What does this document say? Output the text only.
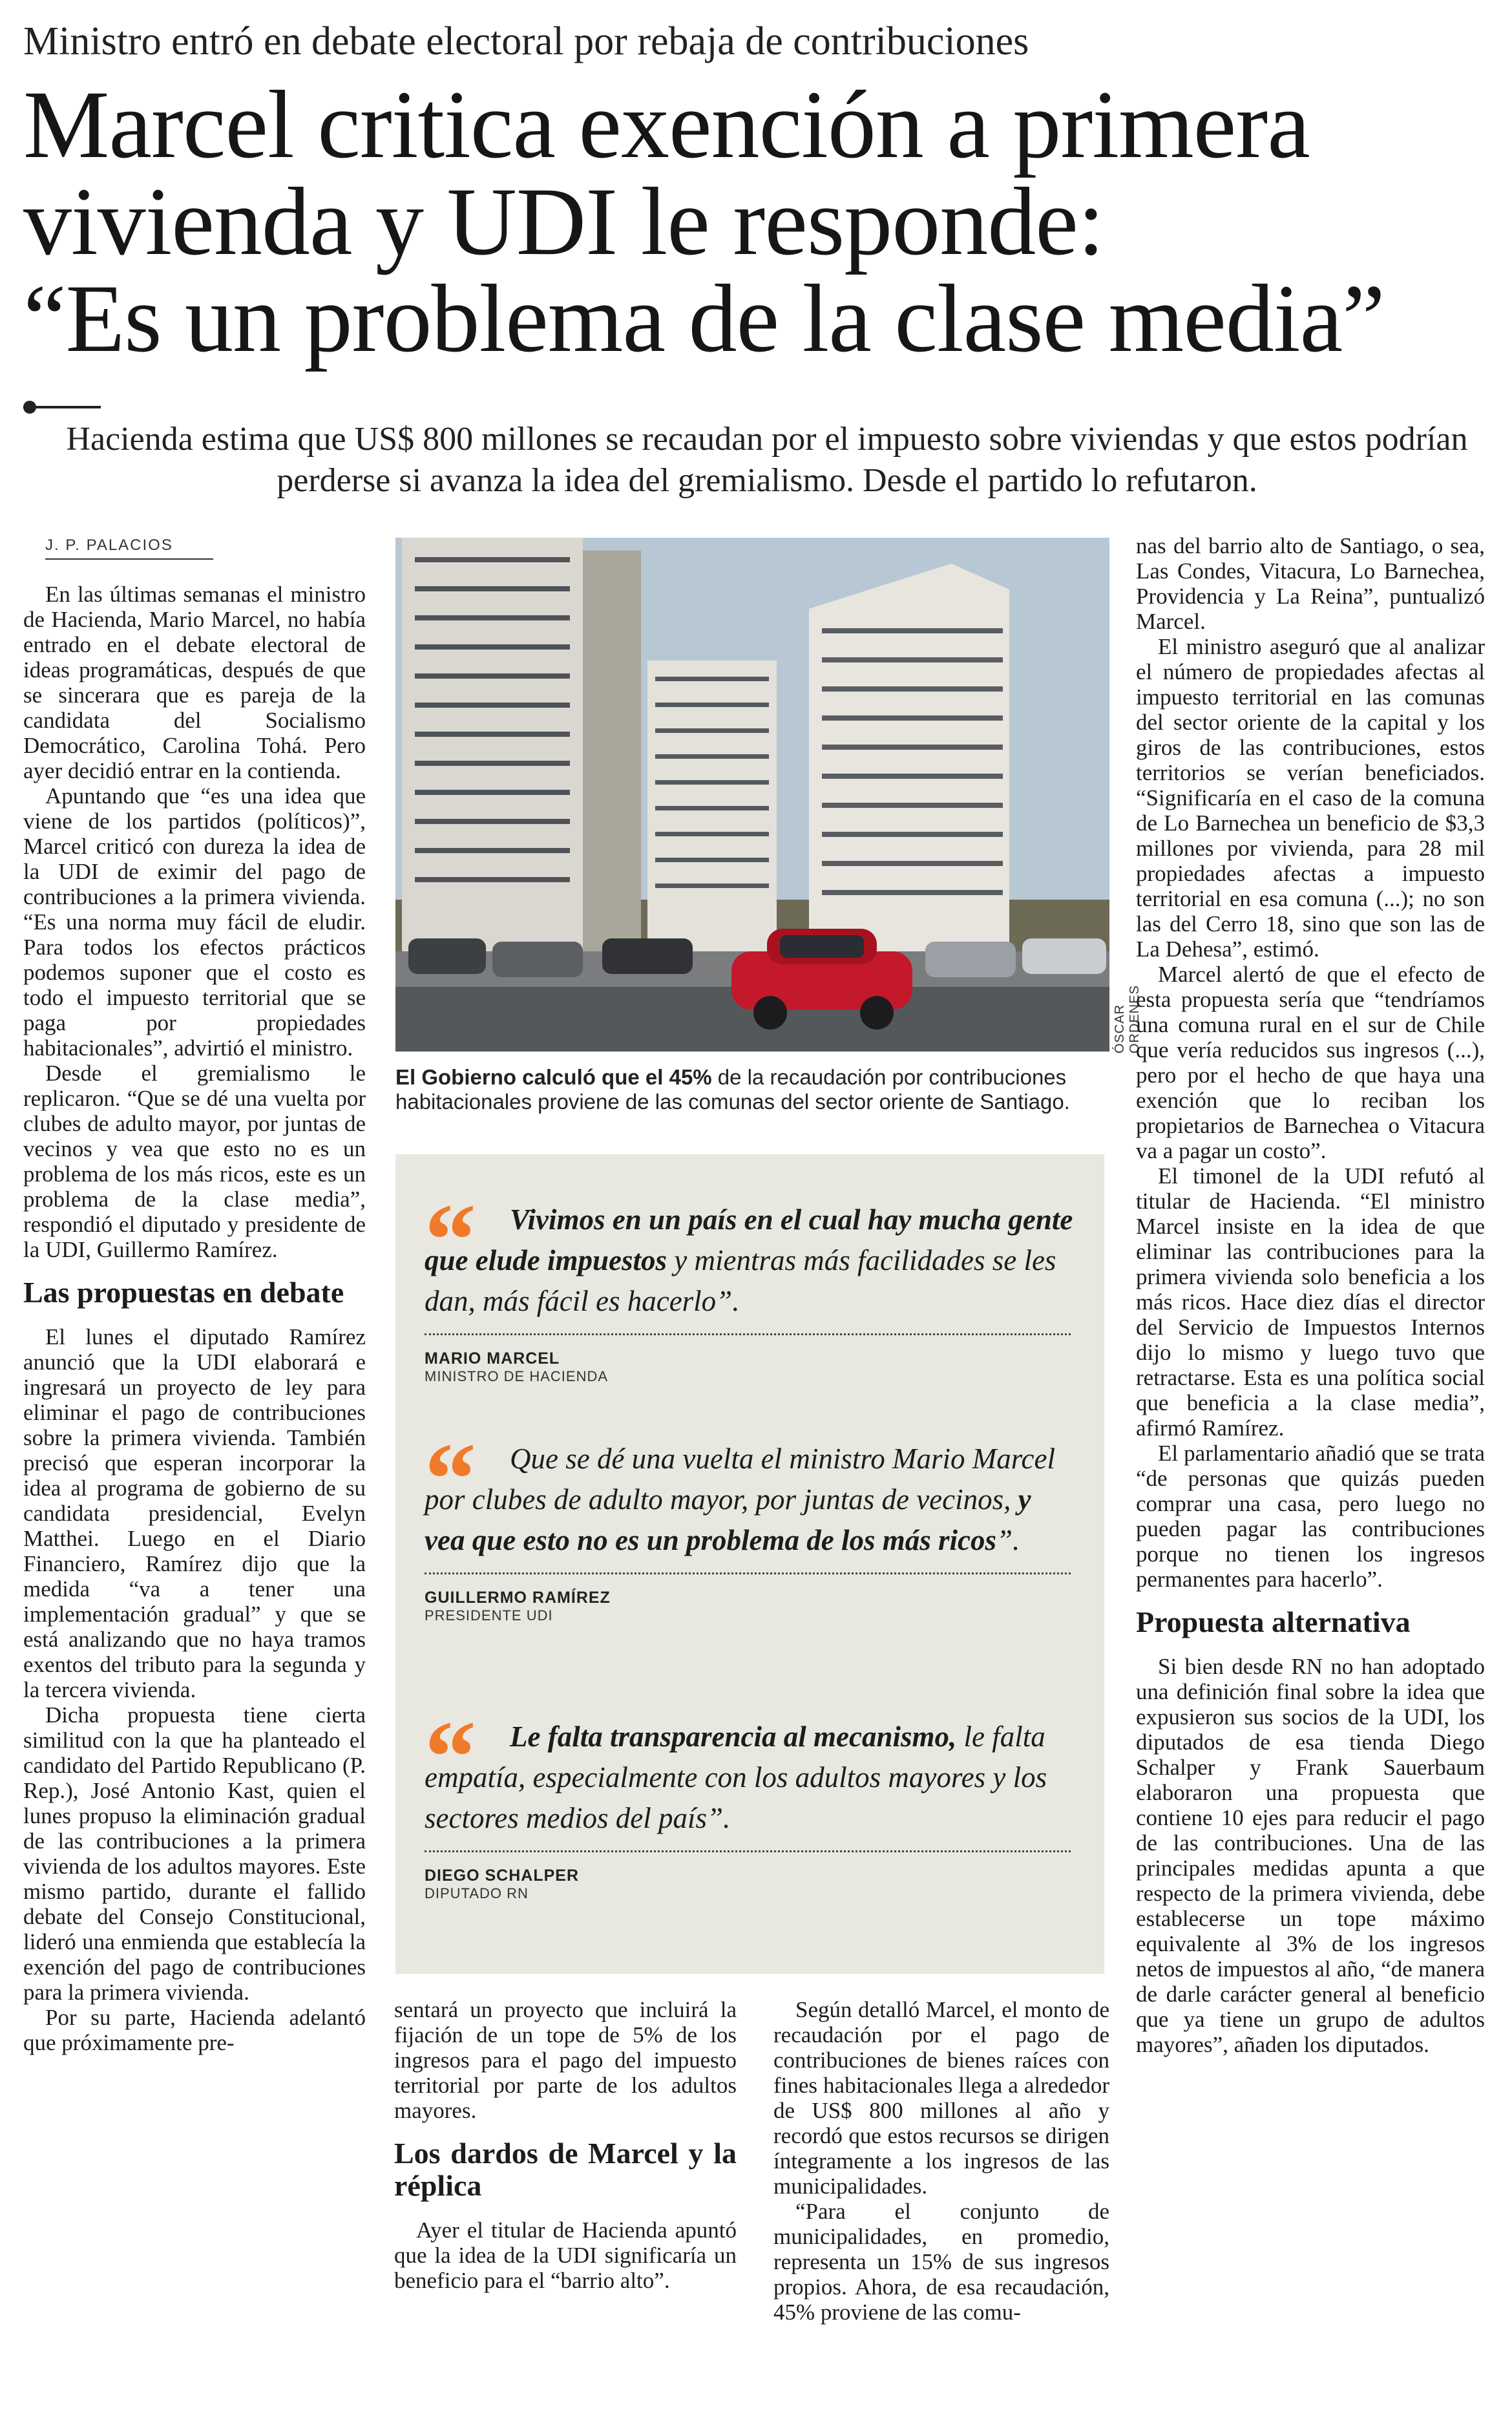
Ministro entró en debate electoral por rebaja de contribuciones
Marcel critica exención a primera
vivienda y UDI le responde:
“Es un problema de la clase media”
Hacienda estima que US$ 800 millones se recaudan por el impuesto sobre viviendas y que estos podrían perderse si avanza la idea del gremialismo. Desde el partido lo refutaron.
J. P. PALACIOS

En las últimas semanas el ministro de Hacienda, Mario Marcel, no había entrado en el debate electoral de ideas programáticas, después de que se sincerara que es pareja de la candidata del Socialismo Democrático, Carolina Tohá. Pero ayer decidió entrar en la contienda.

Apuntando que “es una idea que viene de los partidos (políticos)”, Marcel criticó con dureza la idea de la UDI de eximir del pago de contribuciones a la primera vivienda. “Es una norma muy fácil de eludir. Para todos los efectos prácticos podemos suponer que el costo es todo el impuesto territorial que se paga por propiedades habitacionales”, advirtió el ministro.

Desde el gremialismo le replicaron. “Que se dé una vuelta por clubes de adulto mayor, por juntas de vecinos y vea que esto no es un problema de los más ricos, este es un problema de la clase media”, respondió el diputado y presidente de la UDI, Guillermo Ramírez.

Las propuestas en debate

El lunes el diputado Ramírez anunció que la UDI elaborará e ingresará un proyecto de ley para eliminar el pago de contribuciones sobre la primera vivienda. También precisó que esperan incorporar la idea al programa de gobierno de su candidata presidencial, Evelyn Matthei. Luego en el Diario Financiero, Ramírez dijo que la medida “va a tener una implementación gradual” y que se está analizando que no haya tramos exentos del tributo para la segunda y la tercera vivienda.

Dicha propuesta tiene cierta similitud con la que ha planteado el candidato del Partido Republicano (P. Rep.), José Antonio Kast, quien el lunes propuso la eliminación gradual de las contribuciones a la primera vivienda de los adultos mayores. Este mismo partido, durante el fallido debate del Consejo Constitucional, lideró una enmienda que establecía la exención del pago de contribuciones para la primera vivienda.

Por su parte, Hacienda adelantó que próximamente pre-

ÓSCAR ORDENES
El Gobierno calculó que el 45% de la recaudación por contribuciones habitacionales proviene de las comunas del sector oriente de Santiago.
“	Vivimos en un país en el cual hay mucha gente que elude impuestos y mientras más facilidades se les dan, más fácil es hacerlo”.
MARIO MARCEL
MINISTRO DE HACIENDA
“	Que se dé una vuelta el ministro Mario Marcel por clubes de adulto mayor, por juntas de vecinos, y vea que esto no es un problema de los más ricos”.
GUILLERMO RAMÍREZ
PRESIDENTE UDI
“	Le falta transparencia al mecanismo, le falta empatía, especialmente con los adultos mayores y los sectores medios del país”.
DIEGO SCHALPER
DIPUTADO RN

sentará un proyecto que incluirá la fijación de un tope de 5% de los ingresos para el pago del impuesto territorial por parte de los adultos mayores.

Los dardos de Marcel y la réplica

Ayer el titular de Hacienda apuntó que la idea de la UDI significaría un beneficio para el “barrio alto”.

Según detalló Marcel, el monto de recaudación por el pago de contribuciones de bienes raíces con fines habitacionales llega a alrededor de US$ 800 millones al año y recordó que estos recursos se dirigen íntegramente a los ingresos de las municipalidades.

“Para el conjunto de municipalidades, en promedio, representa un 15% de sus ingresos propios. Ahora, de esa recaudación, 45% proviene de las comu-

nas del barrio alto de Santiago, o sea, Las Condes, Vitacura, Lo Barnechea, Providencia y La Reina”, puntualizó Marcel.

El ministro aseguró que al analizar el número de propiedades afectas al impuesto territorial en las comunas del sector oriente de la capital y los giros de las contribuciones, estos territorios se verían beneficiados. “Significaría en el caso de la comuna de Lo Barnechea un beneficio de $3,3 millones por vivienda, para 28 mil propiedades afectas a impuesto territorial en esa comuna (...); no son las del Cerro 18, sino que son las de La Dehesa”, estimó.

Marcel alertó de que el efecto de esta propuesta sería que “tendríamos una comuna rural en el sur de Chile que vería reducidos sus ingresos (...), pero por el hecho de que haya una exención que lo reciban los propietarios de Barnechea o Vitacura va a pagar un costo”.

El timonel de la UDI refutó al titular de Hacienda. “El ministro Marcel insiste en la idea de que eliminar las contribuciones para la primera vivienda solo beneficia a los más ricos. Hace diez días el director del Servicio de Impuestos Internos dijo lo mismo y luego tuvo que retractarse. Esta es una política social que beneficia a la clase media”, afirmó Ramírez.

El parlamentario añadió que se trata “de personas que quizás pueden comprar una casa, pero luego no pueden pagar las contribuciones porque no tienen los ingresos permanentes para hacerlo”.

Propuesta alternativa

Si bien desde RN no han adoptado una definición final sobre la idea que expusieron sus socios de la UDI, los diputados de esa tienda Diego Schalper y Frank Sauerbaum elaboraron una propuesta que contiene 10 ejes para reducir el pago de las contribuciones. Una de las principales medidas apunta a que respecto de la primera vivienda, debe establecerse un tope máximo equivalente al 3% de los ingresos netos de impuestos al año, “de manera de darle carácter general al beneficio que ya tiene un grupo de adultos mayores”, añaden los diputados.
